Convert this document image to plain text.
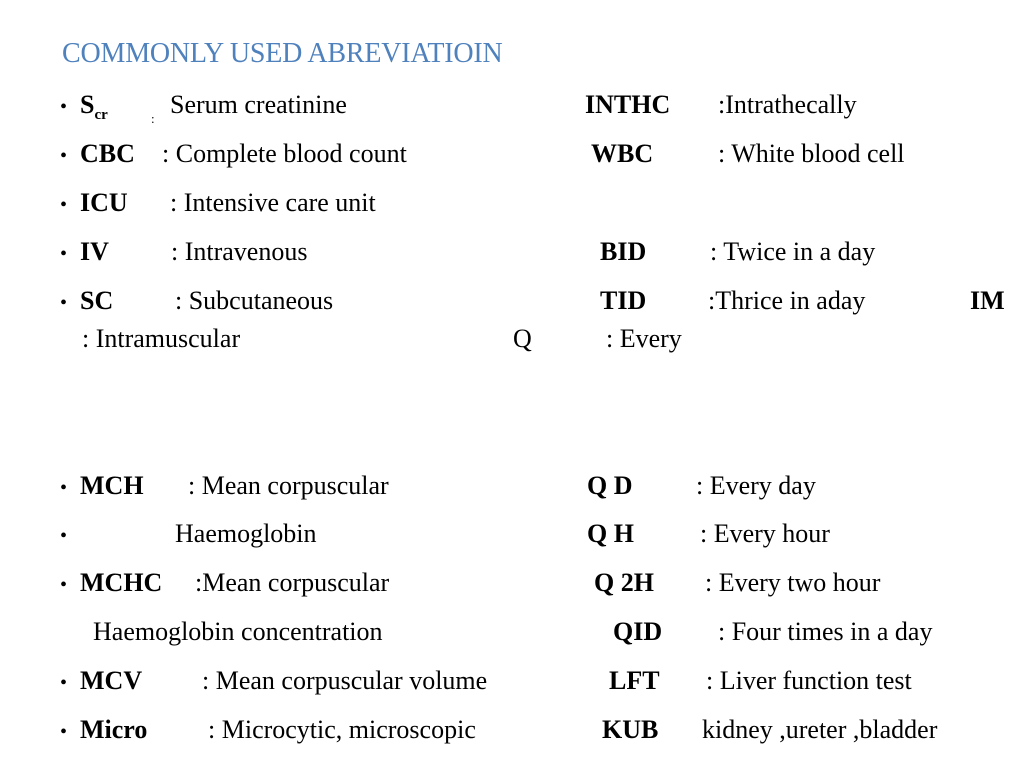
COMMONLY USED ABREVIATIOIN
• $S_{cr}$	: Serum creatinine	INTHC :Intrathecally
• CBC : Complete blood count	WBC : White blood cell
• ICU : Intensive care unit
• IV : Intravenous	BID : Twice in a day
• SC : Subcutaneous	TID :Thrice in aday	IM
: Intramuscular	Q	: Every
• MCH : Mean corpuscular	Q D : Every day
•	Haemoglobin	Q H	: Every hour
• MCHC :Mean corpuscular	Q 2H : Every two hour
Haemoglobin concentration	QID : Four times in a day
• MCV : Mean corpuscular volume	LFT : Liver function test
• Micro : Microcytic, microscopic	KUB kidney ,ureter ,bladder
